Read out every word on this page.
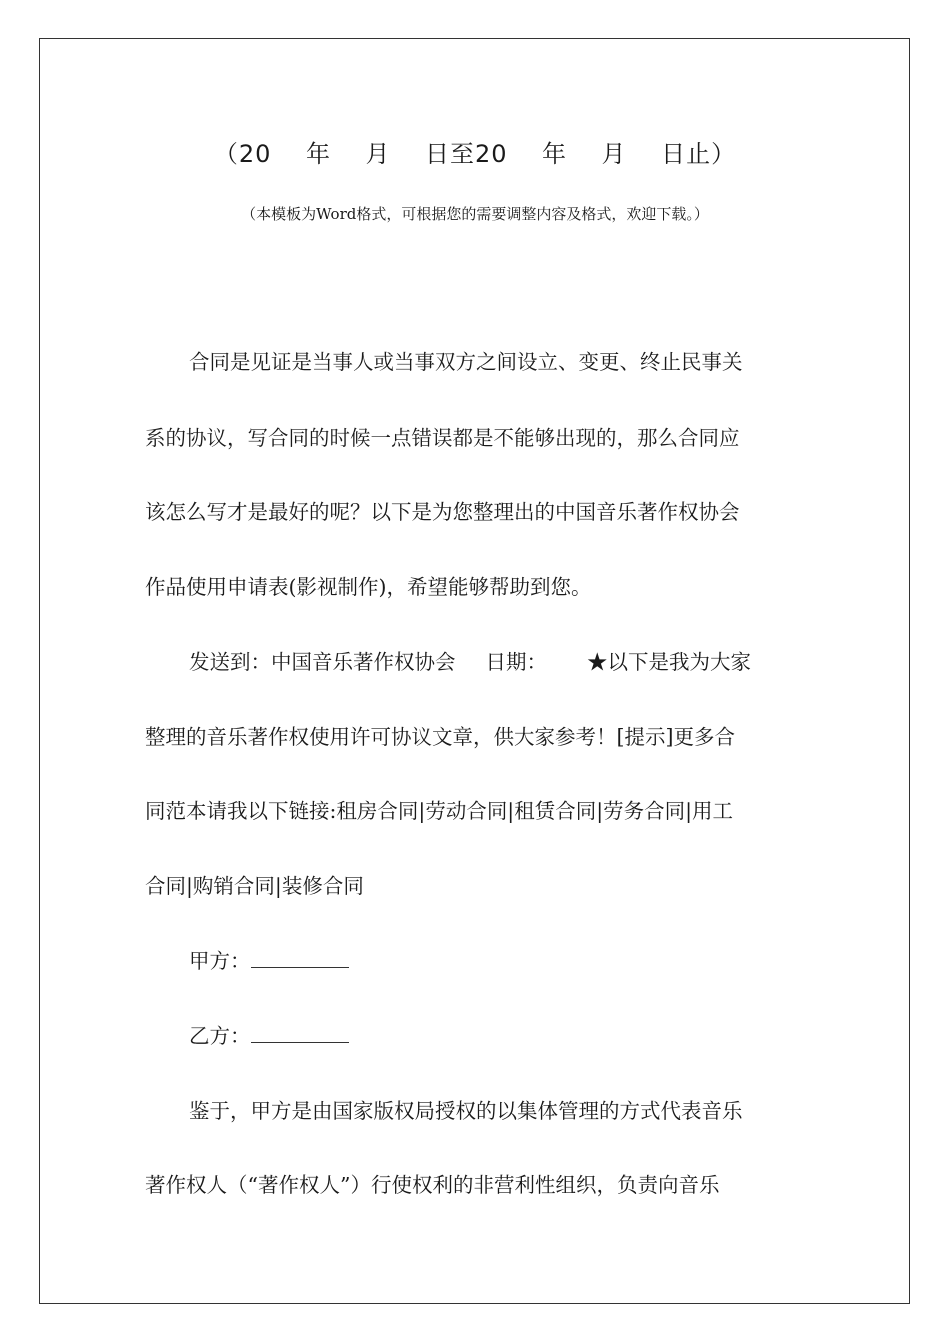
（20    年    月    日至20    年    月    日止）
（本模板为Word格式，可根据您的需要调整内容及格式，欢迎下载。）
合同是见证是当事人或当事双方之间设立、变更、终止民事关
系的协议，写合同的时候一点错误都是不能够出现的，那么合同应
该怎么写才是最好的呢？以下是为您整理出的中国音乐著作权协会
作品使用申请表(影视制作)，希望能够帮助到您。
发送到：中国音乐著作权协会 日期： ★以下是我为大家
整理的音乐著作权使用许可协议文章，供大家参考！[提示]更多合
同范本请我以下链接:租房合同|劳动合同|租赁合同|劳务合同|用工
合同|购销合同|装修合同
甲方：
乙方：
鉴于，甲方是由国家版权局授权的以集体管理的方式代表音乐
著作权人（“著作权人”）行使权利的非营利性组织，负责向音乐
